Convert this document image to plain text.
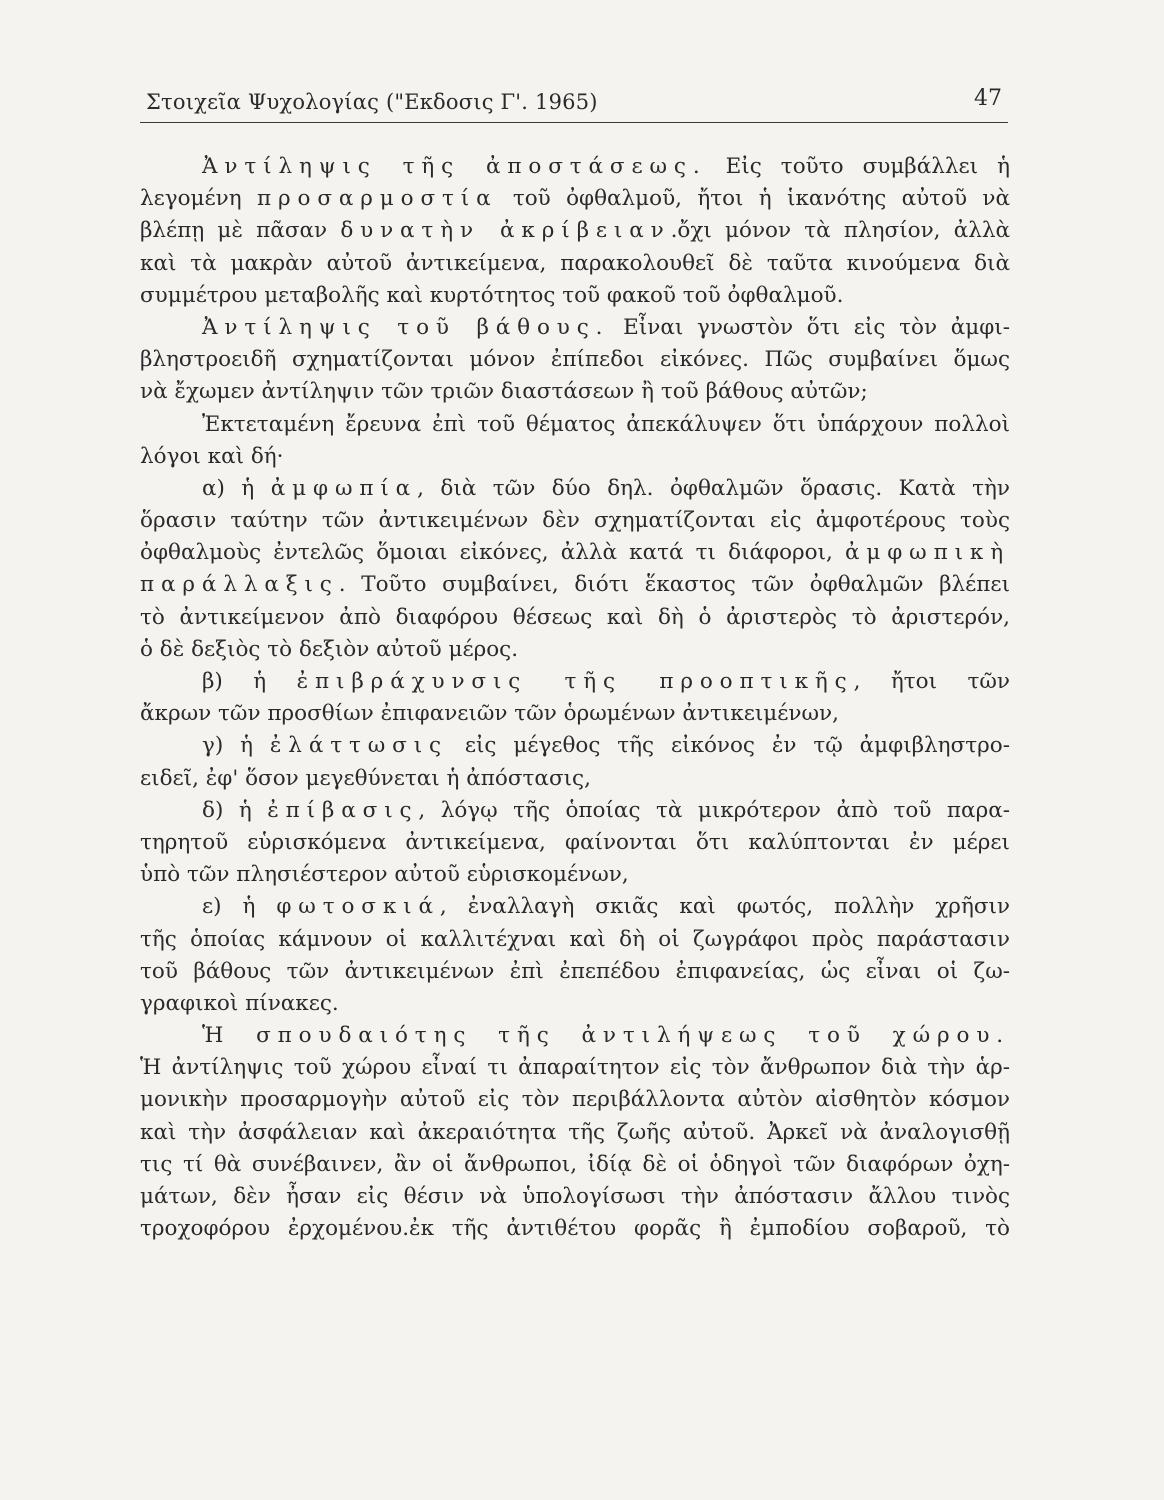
Στοιχεῖα Ψυχολογίας ("Εκδοσις Γ'. 1965)	47
Ἀντίληψις τῆς ἀποστάσεως. Εἰς τοῦτο συμβάλλει ἡ
λεγομένη προσαρμοστία τοῦ ὀφθαλμοῦ, ἤτοι ἡ ἱκανότης αὐτοῦ νὰ
βλέπῃ μὲ πᾶσαν δυνατὴν ἀκρίβειαν.ὄχι μόνον τὰ πλησίον, ἀλλὰ
καὶ τὰ μακρὰν αὐτοῦ ἀντικείμενα, παρακολουθεῖ δὲ ταῦτα κινούμενα διὰ
συμμέτρου μεταβολῆς καὶ κυρτότητος τοῦ φακοῦ τοῦ ὀφθαλμοῦ.
Ἀντίληψις τοῦ βάθους. Εἶναι γνωστὸν ὅτι εἰς τὸν ἀμφι-
βληστροειδῆ σχηματίζονται μόνον ἐπίπεδοι εἰκόνες. Πῶς συμβαίνει ὅμως
νὰ ἔχωμεν ἀντίληψιν τῶν τριῶν διαστάσεων ἢ τοῦ βάθους αὐτῶν;
Ἐκτεταμένη ἔρευνα ἐπὶ τοῦ θέματος ἀπεκάλυψεν ὅτι ὑπάρχουν πολλοὶ
λόγοι καὶ δή·
α) ἡ ἀμφωπία, διὰ τῶν δύο δηλ. ὀφθαλμῶν ὅρασις. Κατὰ τὴν
ὅρασιν ταύτην τῶν ἀντικειμένων δὲν σχηματίζονται εἰς ἀμφοτέρους τοὺς
ὀφθαλμοὺς ἐντελῶς ὅμοιαι εἰκόνες, ἀλλὰ κατά τι διάφοροι, ἀμφωπικὴ
παράλλαξις. Τοῦτο συμβαίνει, διότι ἕκαστος τῶν ὀφθαλμῶν βλέπει
τὸ ἀντικείμενον ἀπὸ διαφόρου θέσεως καὶ δὴ ὁ ἀριστερὸς τὸ ἀριστερόν,
ὁ δὲ δεξιὸς τὸ δεξιὸν αὐτοῦ μέρος.
β) ἡ ἐπιβράχυνσις τῆς προοπτικῆς, ἤτοι τῶν
ἄκρων τῶν προσθίων ἐπιφανειῶν τῶν ὁρωμένων ἀντικειμένων,
γ) ἡ ἐλάττωσις εἰς μέγεθος τῆς εἰκόνος ἐν τῷ ἀμφιβληστρο-
ειδεῖ, ἐφ' ὅσον μεγεθύνεται ἡ ἀπόστασις,
δ) ἡ ἐπίβασις, λόγῳ τῆς ὁποίας τὰ μικρότερον ἀπὸ τοῦ παρα-
τηρητοῦ εὑρισκόμενα ἀντικείμενα, φαίνονται ὅτι καλύπτονται ἐν μέρει
ὑπὸ τῶν πλησιέστερον αὐτοῦ εὑρισκομένων,
ε) ἡ φωτοσκιά, ἐναλλαγὴ σκιᾶς καὶ φωτός, πολλὴν χρῆσιν
τῆς ὁποίας κάμνουν οἱ καλλιτέχναι καὶ δὴ οἱ ζωγράφοι πρὸς παράστασιν
τοῦ βάθους τῶν ἀντικειμένων ἐπὶ ἐπεπέδου ἐπιφανείας, ὡς εἶναι οἱ ζω-
γραφικοὶ πίνακες.
Ἡ σπουδαιότης τῆς ἀντιλήψεως τοῦ χώρου.
Ἡ ἀντίληψις τοῦ χώρου εἶναί τι ἀπαραίτητον εἰς τὸν ἄνθρωπον διὰ τὴν ἁρ-
μονικὴν προσαρμογὴν αὐτοῦ εἰς τὸν περιβάλλοντα αὐτὸν αἰσθητὸν κόσμον
καὶ τὴν ἀσφάλειαν καὶ ἀκεραιότητα τῆς ζωῆς αὐτοῦ. Ἀρκεῖ νὰ ἀναλογισθῇ
τις τί θὰ συνέβαινεν, ἂν οἱ ἄνθρωποι, ἰδίᾳ δὲ οἱ ὁδηγοὶ τῶν διαφόρων ὀχη-
μάτων, δὲν ἦσαν εἰς θέσιν νὰ ὑπολογίσωσι τὴν ἀπόστασιν ἄλλου τινὸς
τροχοφόρου ἐρχομένου.ἐκ τῆς ἀντιθέτου φορᾶς ἢ ἐμποδίου σοβαροῦ, τὸ
